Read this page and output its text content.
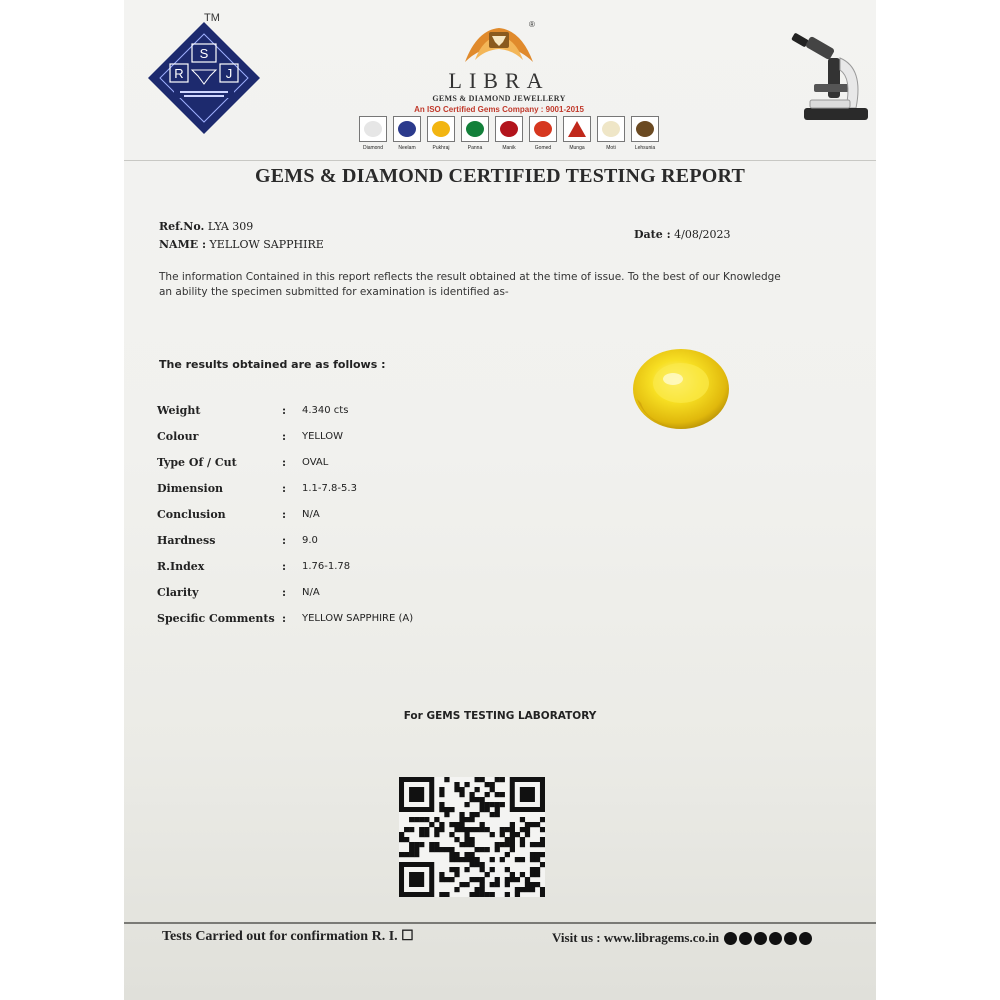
S
R	J
TM
LIBRA
GEMS & DIAMOND JEWELLERY
An ISO Certified Gems Company : 9001-2015
®
Diamond	Neelam	Pukhraj	Panna	Manik	Gomed	Munga	Moti	Lehsunia
GEMS & DIAMOND CERTIFIED TESTING REPORT
Ref.No. LYA 309
NAME : YELLOW SAPPHIRE
Date : 4/08/2023
The information Contained in this report reflects the result obtained at the time of issue. To the best of our Knowledge an ability the specimen submitted for examination is identified as-
The results obtained are as follows :
Weight	:	4.340 cts
Colour	:	YELLOW
Type Of / Cut	:	OVAL
Dimension	:	1.1-7.8-5.3
Conclusion	:	N/A
Hardness	:	9.0
R.Index	:	1.76-1.78
Clarity	:	N/A
Specific Comments :	YELLOW SAPPHIRE (A)
For GEMS TESTING LABORATORY
Tests Carried out for confirmation R. I. ☐	Visit us : www.libragems.co.in
